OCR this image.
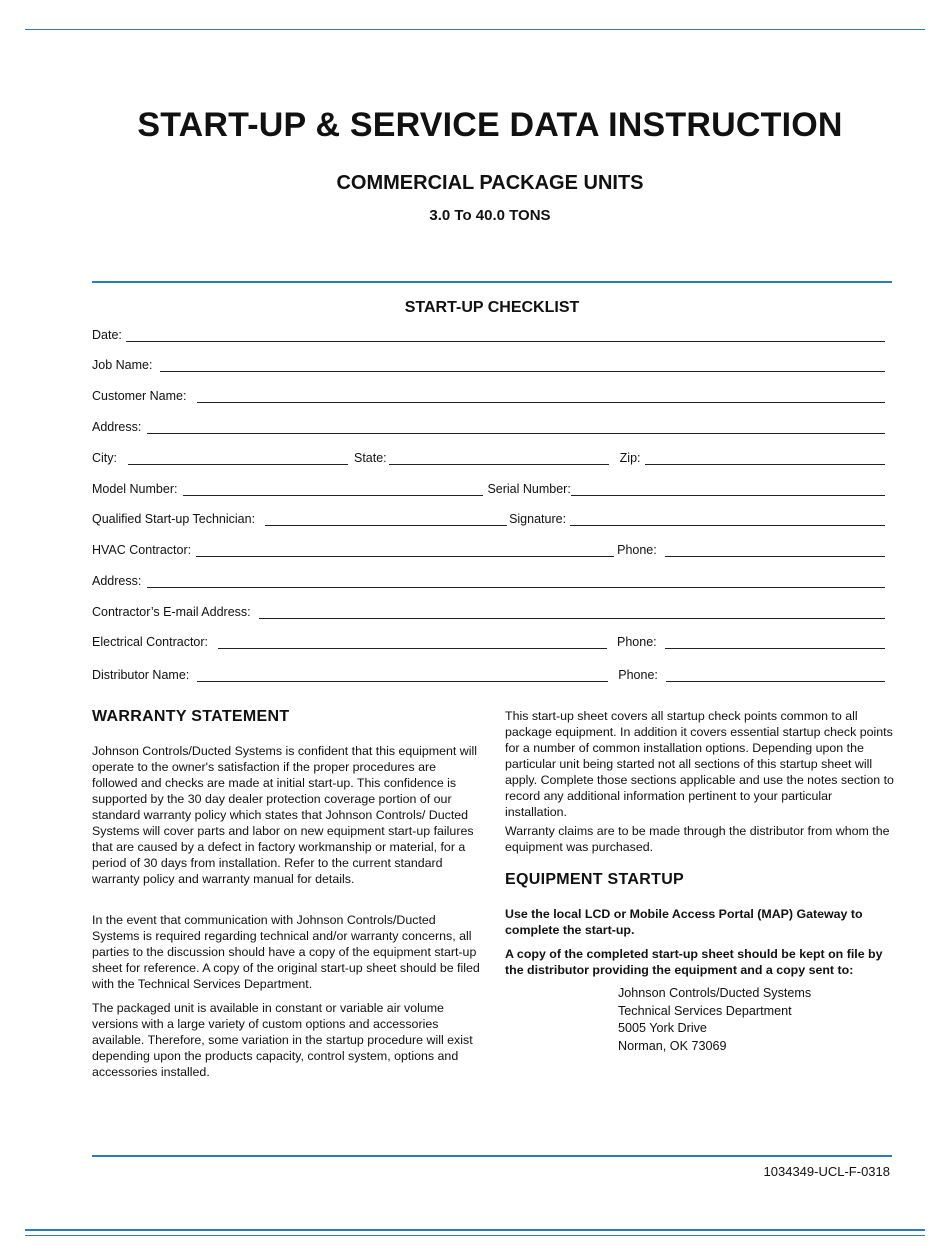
START-UP & SERVICE DATA INSTRUCTION
COMMERCIAL PACKAGE UNITS
3.0 To 40.0 TONS
START-UP CHECKLIST
Date:
Job Name:
Customer Name:
Address:
City:	State:	Zip:
Model Number:	Serial Number:
Qualified Start-up Technician:	Signature:
HVAC Contractor:	Phone:
Address:
Contractor’s E-mail Address:
Electrical Contractor:	Phone:
Distributor Name:	Phone:
WARRANTY STATEMENT

Johnson Controls/Ducted Systems is confident that this equipment will operate to the owner's satisfaction if the proper procedures are followed and checks are made at initial start-up. This confidence is supported by the 30 day dealer protection coverage portion of our standard warranty policy which states that Johnson Controls/ Ducted Systems will cover parts and labor on new equipment start-up failures that are caused by a defect in factory workmanship or material, for a period of 30 days from installation. Refer to the current standard warranty policy and warranty manual for details.

In the event that communication with Johnson Controls/Ducted Systems is required regarding technical and/or warranty concerns, all parties to the discussion should have a copy of the equipment start-up sheet for reference. A copy of the original start-up sheet should be filed with the Technical Services Department.

The packaged unit is available in constant or variable air volume versions with a large variety of custom options and accessories available. Therefore, some variation in the startup procedure will exist depending upon the products capacity, control system, options and accessories installed.

This start-up sheet covers all startup check points common to all package equipment. In addition it covers essential startup check points for a number of common installation options. Depending upon the particular unit being started not all sections of this startup sheet will apply. Complete those sections applicable and use the notes section to record any additional information pertinent to your particular installation.

Warranty claims are to be made through the distributor from whom the equipment was purchased.

EQUIPMENT STARTUP

Use the local LCD or Mobile Access Portal (MAP) Gateway to complete the start-up.

A copy of the completed start-up sheet should be kept on file by the distributor providing the equipment and a copy sent to:

Johnson Controls/Ducted Systems
Technical Services Department
5005 York Drive
Norman, OK 73069
1034349-UCL-F-0318
